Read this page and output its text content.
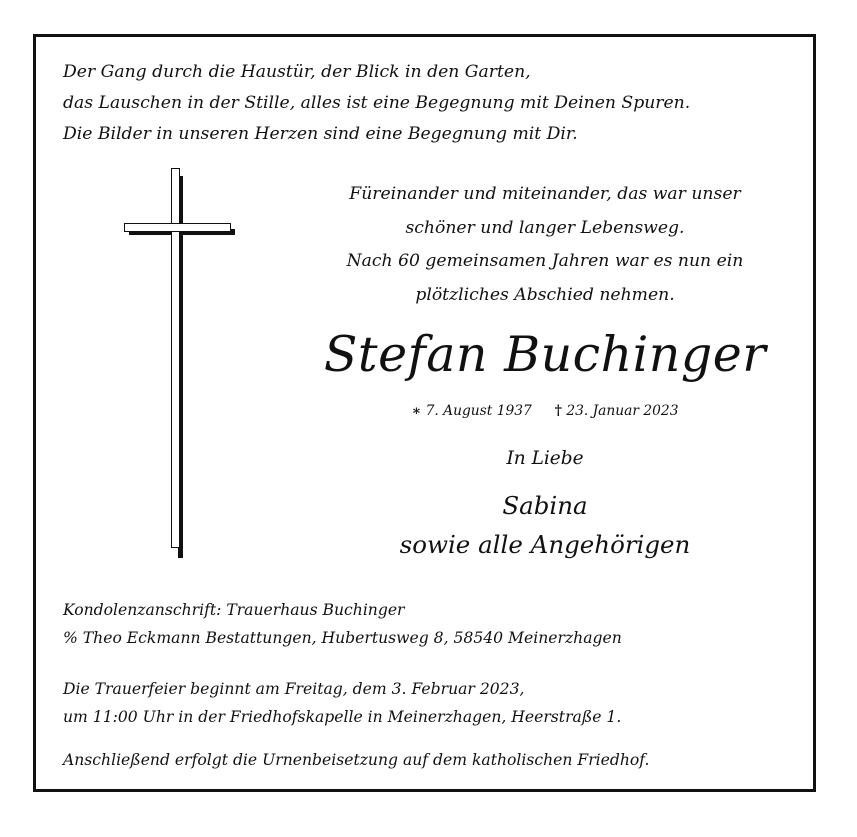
Der Gang durch die Haustür, der Blick in den Garten,
das Lauschen in der Stille, alles ist eine Begegnung mit Deinen Spuren.
Die Bilder in unseren Herzen sind eine Begegnung mit Dir.
Füreinander und miteinander, das war unser
schöner und langer Lebensweg.
Nach 60 gemeinsamen Jahren war es nun ein
plötzliches Abschied nehmen.
Stefan Buchinger
∗ 7. August 1937 † 23. Januar 2023
In Liebe
Sabina
sowie alle Angehörigen
Kondolenzanschrift: Trauerhaus Buchinger
% Theo Eckmann Bestattungen, Hubertusweg 8, 58540 Meinerzhagen
Die Trauerfeier beginnt am Freitag, dem 3. Februar 2023,
um 11:00 Uhr in der Friedhofskapelle in Meinerzhagen, Heerstraße 1.
Anschließend erfolgt die Urnenbeisetzung auf dem katholischen Friedhof.
